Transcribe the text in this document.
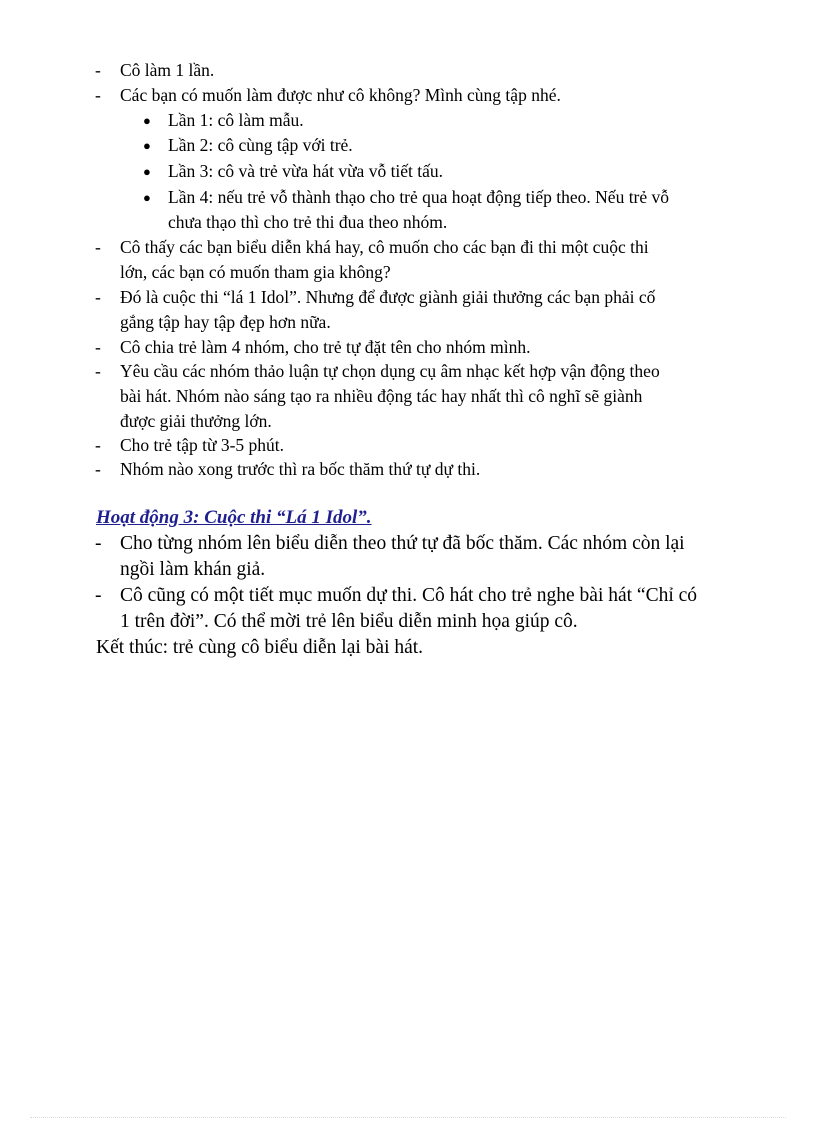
-	Cô làm 1 lần.
-	Các bạn có muốn làm được như cô không? Mình cùng tập nhé.
● Lần 1: cô làm mẫu.
● Lần 2: cô cùng tập với trẻ.
● Lần 3: cô và trẻ vừa hát vừa vỗ tiết tấu.
● Lần 4: nếu trẻ vỗ thành thạo cho trẻ qua hoạt động tiếp theo. Nếu trẻ vỗ
chưa thạo thì cho trẻ thi đua theo nhóm.
-	Cô thấy các bạn biểu diễn khá hay, cô muốn cho các bạn đi thi một cuộc thi
lớn, các bạn có muốn tham gia không?
-	Đó là cuộc thi “lá 1 Idol”. Nhưng để được giành giải thưởng các bạn phải cố
gắng tập hay tập đẹp hơn nữa.
-	Cô chia trẻ làm 4 nhóm, cho trẻ tự đặt tên cho nhóm mình.
-	Yêu cầu các nhóm thảo luận tự chọn dụng cụ âm nhạc kết hợp vận động theo
bài hát. Nhóm nào sáng tạo ra nhiều động tác hay nhất thì cô nghĩ sẽ giành
được giải thưởng lớn.
-	Cho trẻ tập từ 3-5 phút.
-	Nhóm nào xong trước thì ra bốc thăm thứ tự dự thi.
Hoạt động 3: Cuộc thi “Lá 1 Idol”.
- Cho từng nhóm lên biểu diễn theo thứ tự đã bốc thăm. Các nhóm còn lại
ngồi làm khán giả.
- Cô cũng có một tiết mục muốn dự thi. Cô hát cho trẻ nghe bài hát “Chỉ có
1 trên đời”. Có thể mời trẻ lên biểu diễn minh họa giúp cô.
Kết thúc: trẻ cùng cô biểu diễn lại bài hát.
